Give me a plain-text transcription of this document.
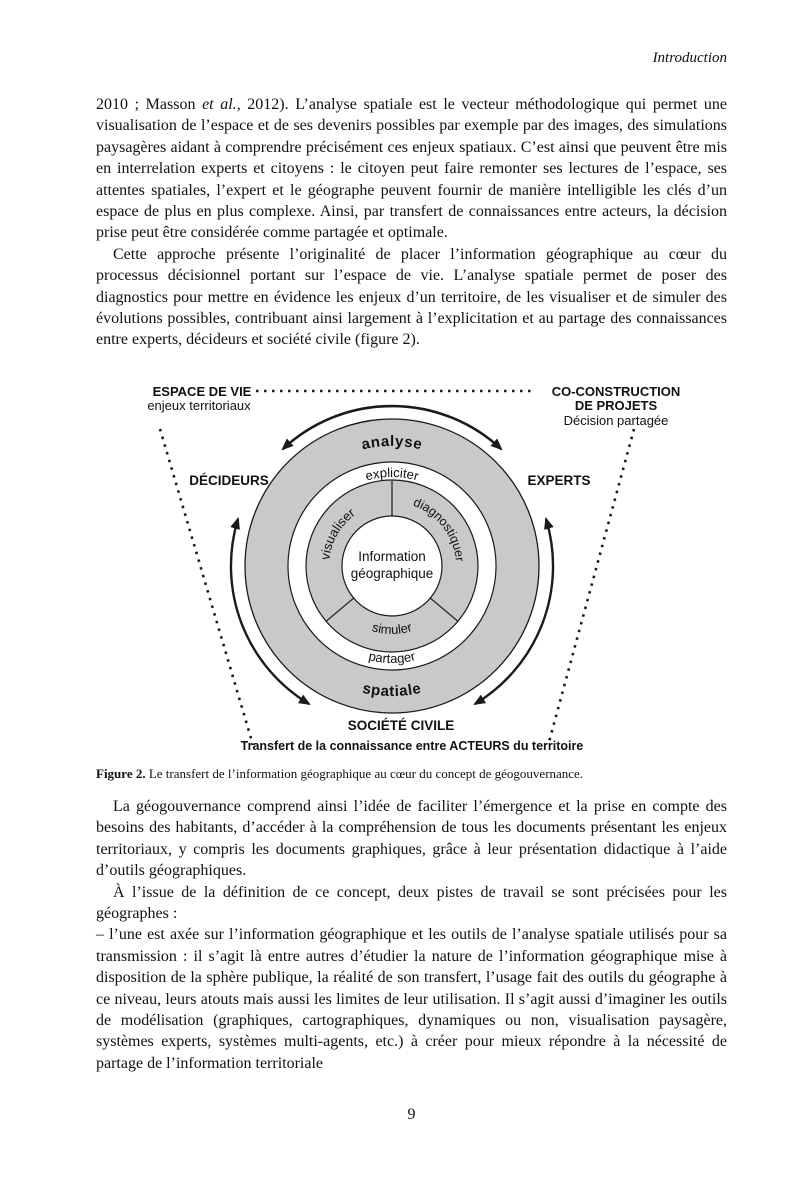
Introduction

2010 ; Masson et al., 2012). L’analyse spatiale est le vecteur méthodologique qui permet une visualisation de l’espace et de ses devenirs possibles par exemple par des images, des simulations paysagères aidant à comprendre précisément ces enjeux spatiaux. C’est ainsi que peuvent être mis en interrelation experts et citoyens : le citoyen peut faire remonter ses lectures de l’espace, ses attentes spatiales, l’expert et le géographe peuvent fournir de manière intelligible les clés d’un espace de plus en plus complexe. Ainsi, par transfert de connaissances entre acteurs, la décision prise peut être considérée comme partagée et optimale.

Cette approche présente l’originalité de placer l’information géographique au cœur du processus décisionnel portant sur l’espace de vie. L’analyse spatiale permet de poser des diagnostics pour mettre en évidence les enjeux d’un territoire, de les visualiser et de simuler des évolutions possibles, contribuant ainsi largement à l’explicitation et au partage des connaissances entre experts, décideurs et société civile (figure 2).

analyse
spatiale
expliciter
partager
visualiser
diagnostiquer
simuler
Information
géographique
ESPACE DE VIE
enjeux territoriaux
CO-CONSTRUCTION
DE PROJETS
Décision partagée
DÉCIDEURS	EXPERTS
SOCIÉTÉ CIVILE
Transfert de la connaissance entre ACTEURS du territoire
Figure 2. Le transfert de l’information géographique au cœur du concept de géogouvernance.

La géogouvernance comprend ainsi l’idée de faciliter l’émergence et la prise en compte des besoins des habitants, d’accéder à la compréhension de tous les documents présentant les enjeux territoriaux, y compris les documents graphiques, grâce à leur présentation didactique à l’aide d’outils géographiques.

À l’issue de la définition de ce concept, deux pistes de travail se sont précisées pour les géographes :

– l’une est axée sur l’information géographique et les outils de l’analyse spatiale utilisés pour sa transmission : il s’agit là entre autres d’étudier la nature de l’information géographique mise à disposition de la sphère publique, la réalité de son transfert, l’usage fait des outils du géographe à ce niveau, leurs atouts mais aussi les limites de leur utilisation. Il s’agit aussi d’imaginer les outils de modélisation (graphiques, cartographiques, dynamiques ou non, visualisation paysagère, systèmes experts, systèmes multi-agents, etc.) à créer pour mieux répondre à la nécessité de partage de l’information territoriale

9
